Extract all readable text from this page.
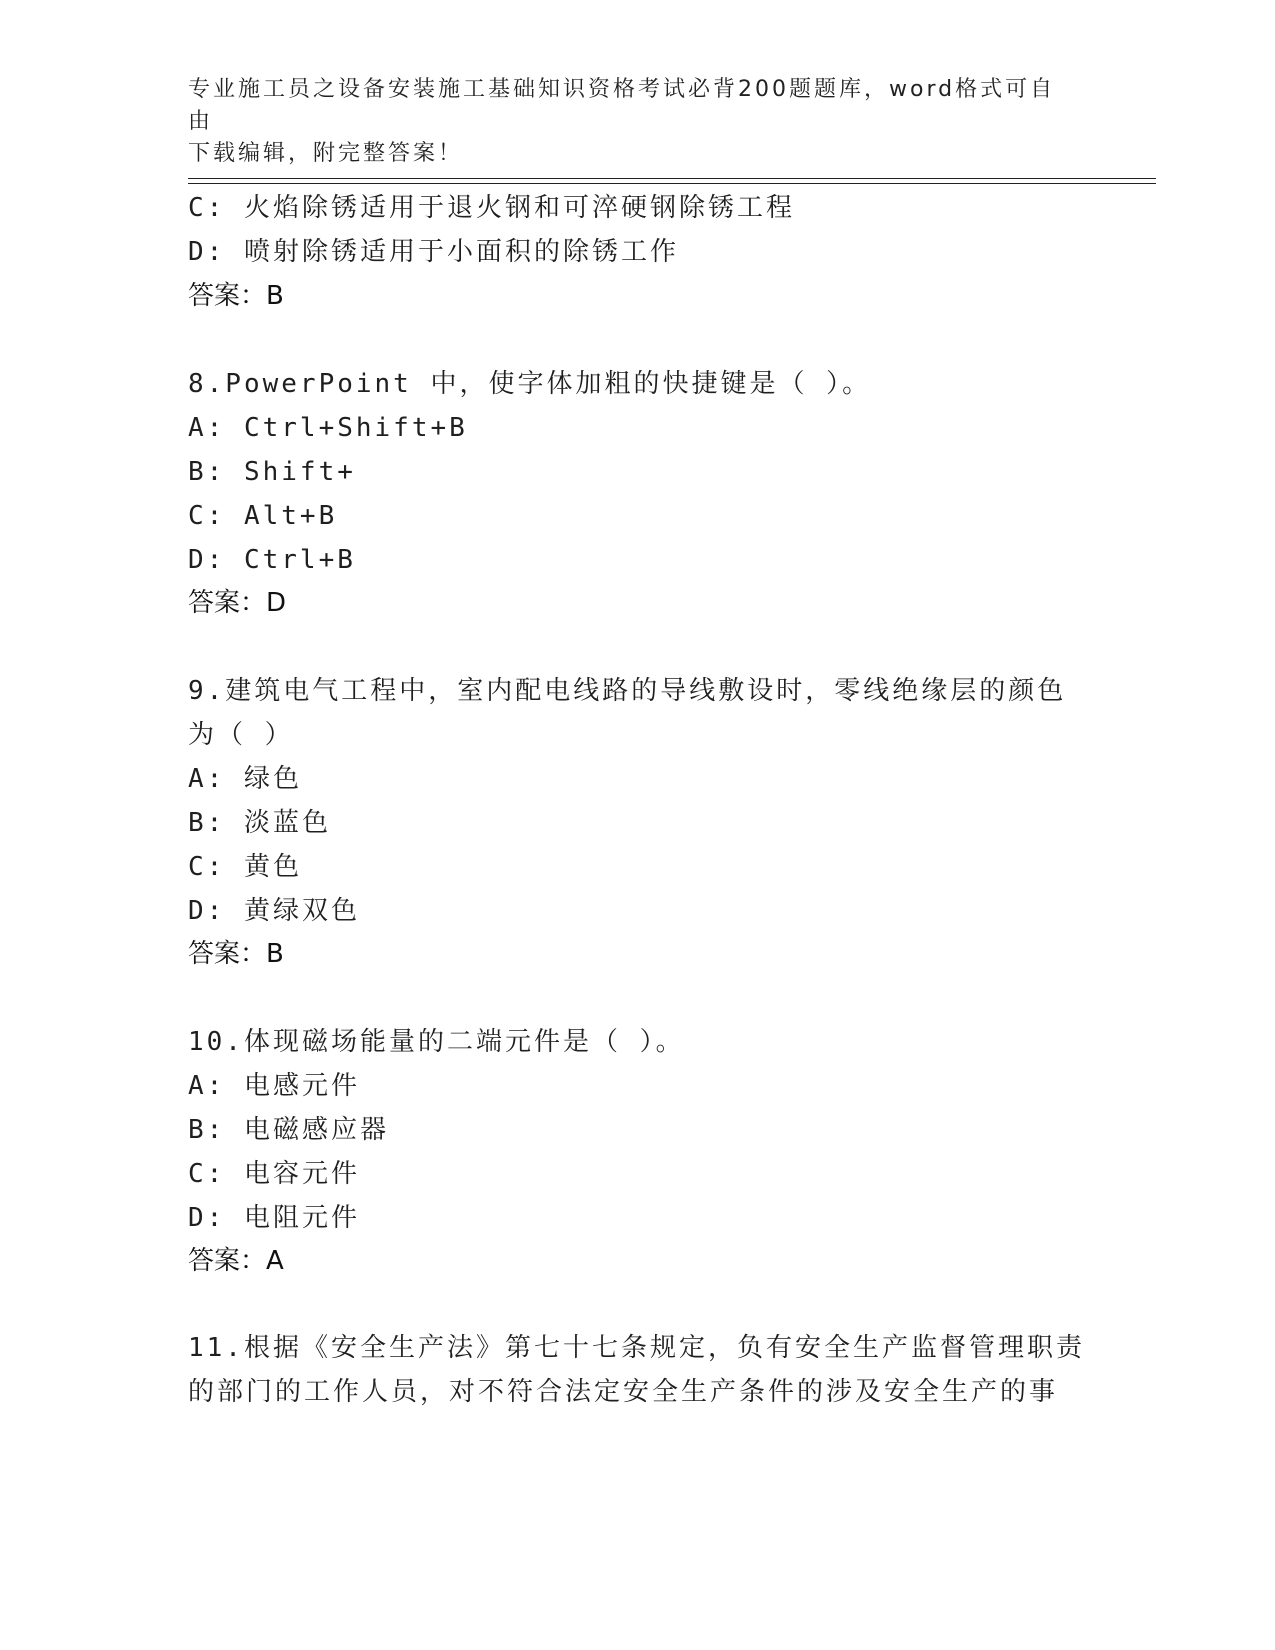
专业施工员之设备安装施工基础知识资格考试必背200题题库，word格式可自由
下载编辑，附完整答案！
C: 火焰除锈适用于退火钢和可淬硬钢除锈工程
D: 喷射除锈适用于小面积的除锈工作
答案：B
8.PowerPoint 中，使字体加粗的快捷键是（ ）。
A: Ctrl+Shift+B
B: Shift+
C: Alt+B
D: Ctrl+B
答案：D
9.建筑电气工程中，室内配电线路的导线敷设时，零线绝缘层的颜色
为（ ）
A: 绿色
B: 淡蓝色
C: 黄色
D: 黄绿双色
答案：B
10.体现磁场能量的二端元件是（ ）。
A: 电感元件
B: 电磁感应器
C: 电容元件
D: 电阻元件
答案：A
11.根据《安全生产法》第七十七条规定，负有安全生产监督管理职责
的部门的工作人员，对不符合法定安全生产条件的涉及安全生产的事
